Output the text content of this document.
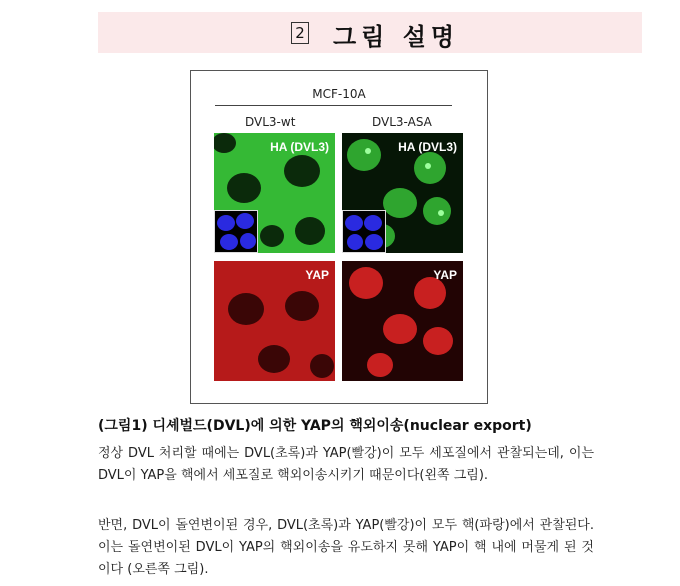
2 그림 설명
MCF-10A
DVL3-wt	DVL3-ASA
HA (DVL3)	HA (DVL3)
YAP	YAP
(그림1) 디셰벌드(DVL)에 의한 YAP의 핵외이송(nuclear export)
정상 DVL 처리할 때에는 DVL(초록)과 YAP(빨강)이 모두 세포질에서 관찰되는데, 이는 DVL이 YAP을 핵에서 세포질로 핵외이송시키기 때문이다(왼쪽 그림).
반면, DVL이 돌연변이된 경우, DVL(초록)과 YAP(빨강)이 모두 핵(파랑)에서 관찰된다. 이는 돌연변이된 DVL이 YAP의 핵외이송을 유도하지 못해 YAP이 핵 내에 머물게 된 것이다 (오른쪽 그림).
